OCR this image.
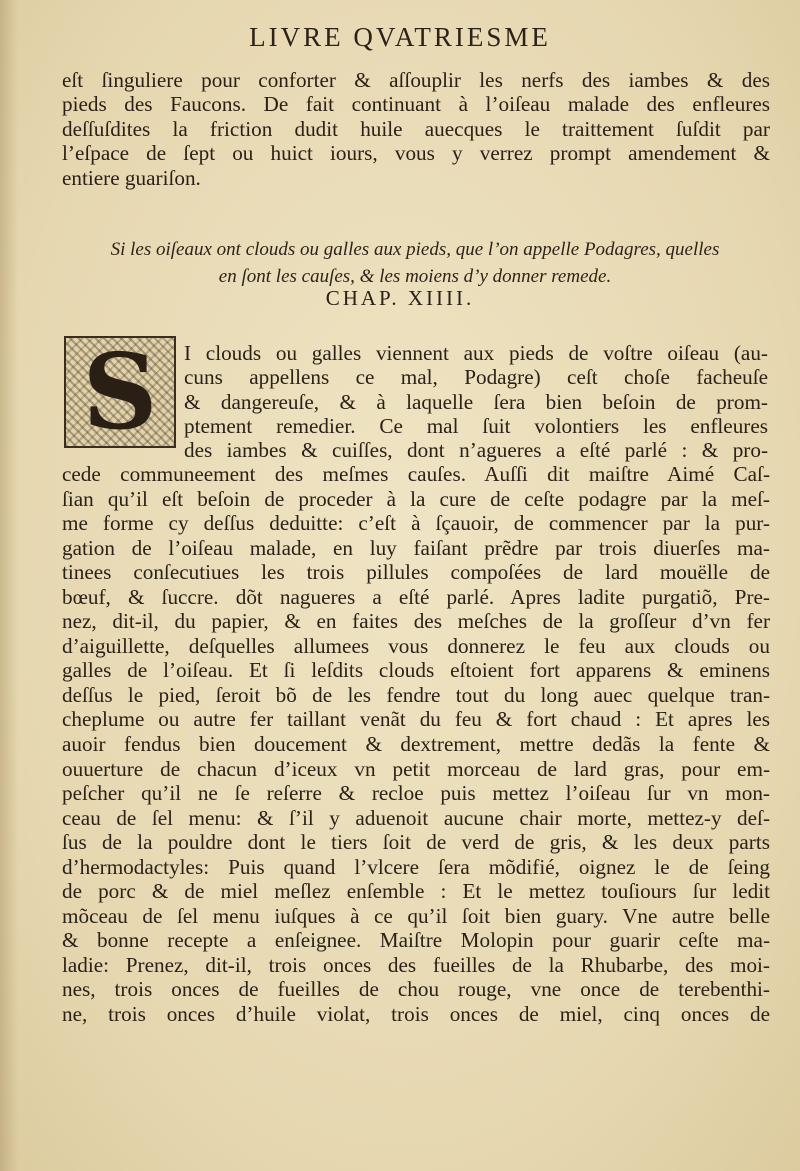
LIVRE QVATRIESME
eſt ſinguliere pour conforter & aſſouplir les nerfs des iambes & des
pieds des Faucons. De fait continuant à l’oiſeau malade des enfleures
deſſuſdites la friction dudit huile auecques le traittement ſuſdit par
l’eſpace de ſept ou huict iours, vous y verrez prompt amendement &
entiere guariſon.
Si les oiſeaux ont clouds ou galles aux pieds, que l’on appelle Podagres, quelles
en ſont les cauſes, & les moiens d’y donner remede.
CHAP. XIIII.
S	I clouds ou galles viennent aux pieds de voſtre oiſeau (au-
cuns appellens ce mal, Podagre) ceſt choſe facheuſe
& dangereuſe, & à laquelle ſera bien beſoin de prom-
ptement remedier. Ce mal ſuit volontiers les enfleures
des iambes & cuiſſes, dont n’agueres a eſté parlé : & pro-
cede communeement des meſmes cauſes. Auſſi dit maiſtre Aimé Caſ-
ſian qu’il eſt beſoin de proceder à la cure de ceſte podagre par la meſ-
me forme cy deſſus deduitte: c’eſt à ſçauoir, de commencer par la pur-
gation de l’oiſeau malade, en luy faiſant prẽdre par trois diuerſes ma-
tinees conſecutiues les trois pillules compoſées de lard mouëlle de
bœuf, & ſuccre. dõt nagueres a eſté parlé. Apres ladite purgatiõ, Pre-
nez, dit-il, du papier, & en faites des meſches de la groſſeur d’vn fer
d’aiguillette, deſquelles allumees vous donnerez le feu aux clouds ou
galles de l’oiſeau. Et ſi leſdits clouds eſtoient fort apparens & eminens
deſſus le pied, ſeroit bõ de les fendre tout du long auec quelque tran-
cheplume ou autre fer taillant venãt du feu & fort chaud : Et apres les
auoir fendus bien doucement & dextrement, mettre dedãs la fente &
ouuerture de chacun d’iceux vn petit morceau de lard gras, pour em-
peſcher qu’il ne ſe reſerre & recloe puis mettez l’oiſeau ſur vn mon-
ceau de ſel menu: & ſ’il y aduenoit aucune chair morte, mettez-y deſ-
ſus de la pouldre dont le tiers ſoit de verd de gris, & les deux parts
d’hermodactyles: Puis quand l’vlcere ſera mõdifié, oignez le de ſeing
de porc & de miel meſlez enſemble : Et le mettez touſiours ſur ledit
mõceau de ſel menu iuſques à ce qu’il ſoit bien guary. Vne autre belle
& bonne recepte a enſeignee. Maiſtre Molopin pour guarir ceſte ma-
ladie: Prenez, dit-il, trois onces des fueilles de la Rhubarbe, des moi-
nes, trois onces de fueilles de chou rouge, vne once de terebenthi-
ne, trois onces d’huile violat, trois onces de miel, cinq onces de
